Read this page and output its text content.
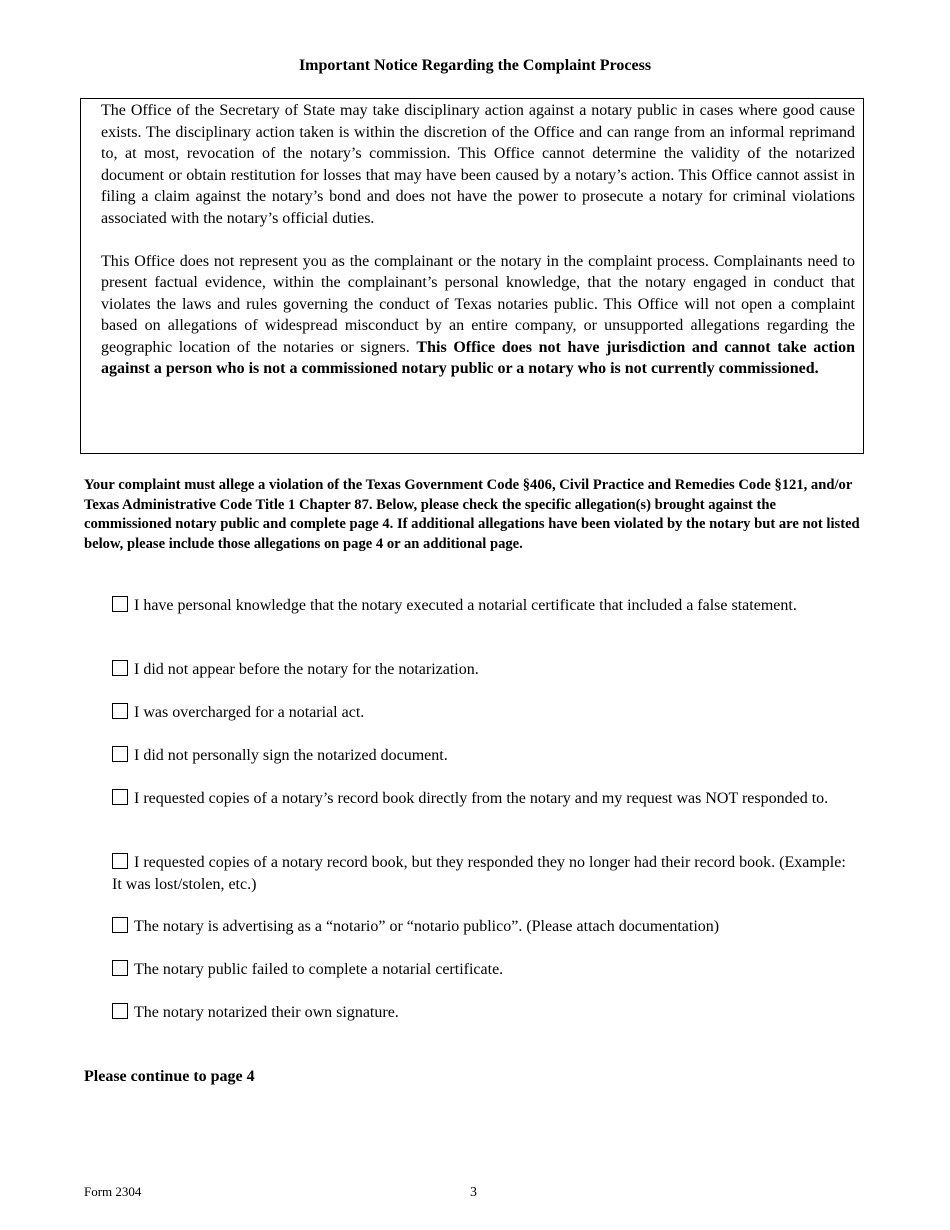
Important Notice Regarding the Complaint Process

The Office of the Secretary of State may take disciplinary action against a notary public in cases where good cause exists. The disciplinary action taken is within the discretion of the Office and can range from an informal reprimand to, at most, revocation of the notary’s commission. This Office cannot determine the validity of the notarized document or obtain restitution for losses that may have been caused by a notary’s action. This Office cannot assist in filing a claim against the notary’s bond and does not have the power to prosecute a notary for criminal violations associated with the notary’s official duties.

This Office does not represent you as the complainant or the notary in the complaint process. Complainants need to present factual evidence, within the complainant’s personal knowledge, that the notary engaged in conduct that violates the laws and rules governing the conduct of Texas notaries public. This Office will not open a complaint based on allegations of widespread misconduct by an entire company, or unsupported allegations regarding the geographic location of the notaries or signers. This Office does not have jurisdiction and cannot take action against a person who is not a commissioned notary public or a notary who is not currently commissioned.

Your complaint must allege a violation of the Texas Government Code §406, Civil Practice and Remedies Code §121, and/or Texas Administrative Code Title 1 Chapter 87. Below, please check the specific allegation(s) brought against the commissioned notary public and complete page 4. If additional allegations have been violated by the notary but are not listed below, please include those allegations on page 4 or an additional page.

I have personal knowledge that the notary executed a notarial certificate that included a false statement.
I did not appear before the notary for the notarization.
I was overcharged for a notarial act.
I did not personally sign the notarized document.
I requested copies of a notary’s record book directly from the notary and my request was NOT responded to.
I requested copies of a notary record book, but they responded they no longer had their record book. (Example: It was lost/stolen, etc.)
The notary is advertising as a “notario” or “notario publico”. (Please attach documentation)
The notary public failed to complete a notarial certificate.
The notary notarized their own signature.
Please continue to page 4
Form 2304	3
